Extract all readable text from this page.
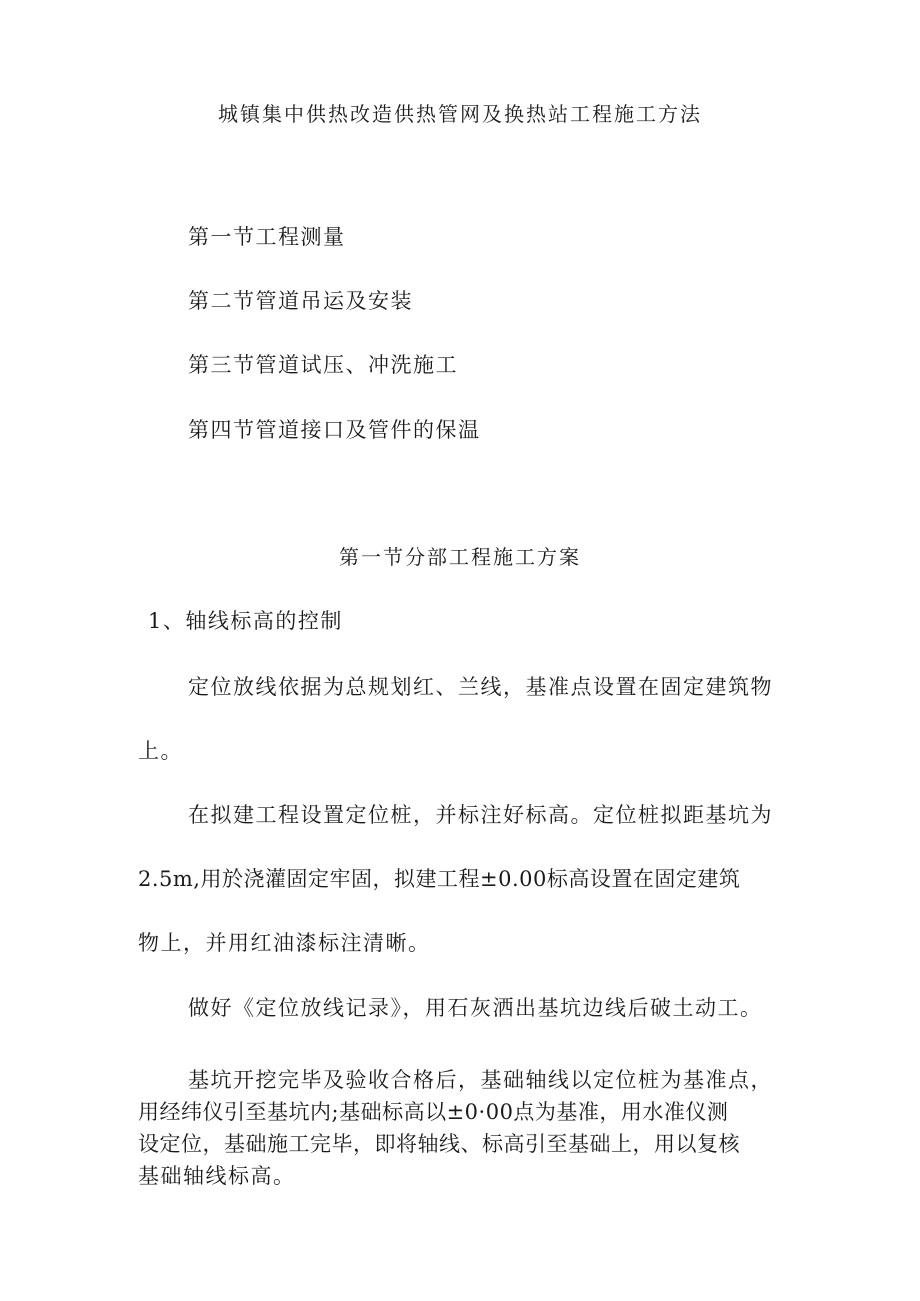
城镇集中供热改造供热管网及换热站工程施工方法

第一节工程测量

第二节管道吊运及安装

第三节管道试压、冲洗施工

第四节管道接口及管件的保温

第一节分部工程施工方案

1、轴线标高的控制

定位放线依据为总规划红、兰线，基准点设置在固定建筑物

上。

在拟建工程设置定位桩，并标注好标高。定位桩拟距基坑为

2.5m,用於浇灌固定牢固，拟建工程±0.00标高设置在固定建筑

物上，并用红油漆标注清晰。

做好《定位放线记录》，用石灰洒出基坑边线后破土动工。

基坑开挖完毕及验收合格后，基础轴线以定位桩为基准点，

用经纬仪引至基坑内;基础标高以±0·00点为基准，用水准仪测

设定位，基础施工完毕，即将轴线、标高引至基础上，用以复核

基础轴线标高。
